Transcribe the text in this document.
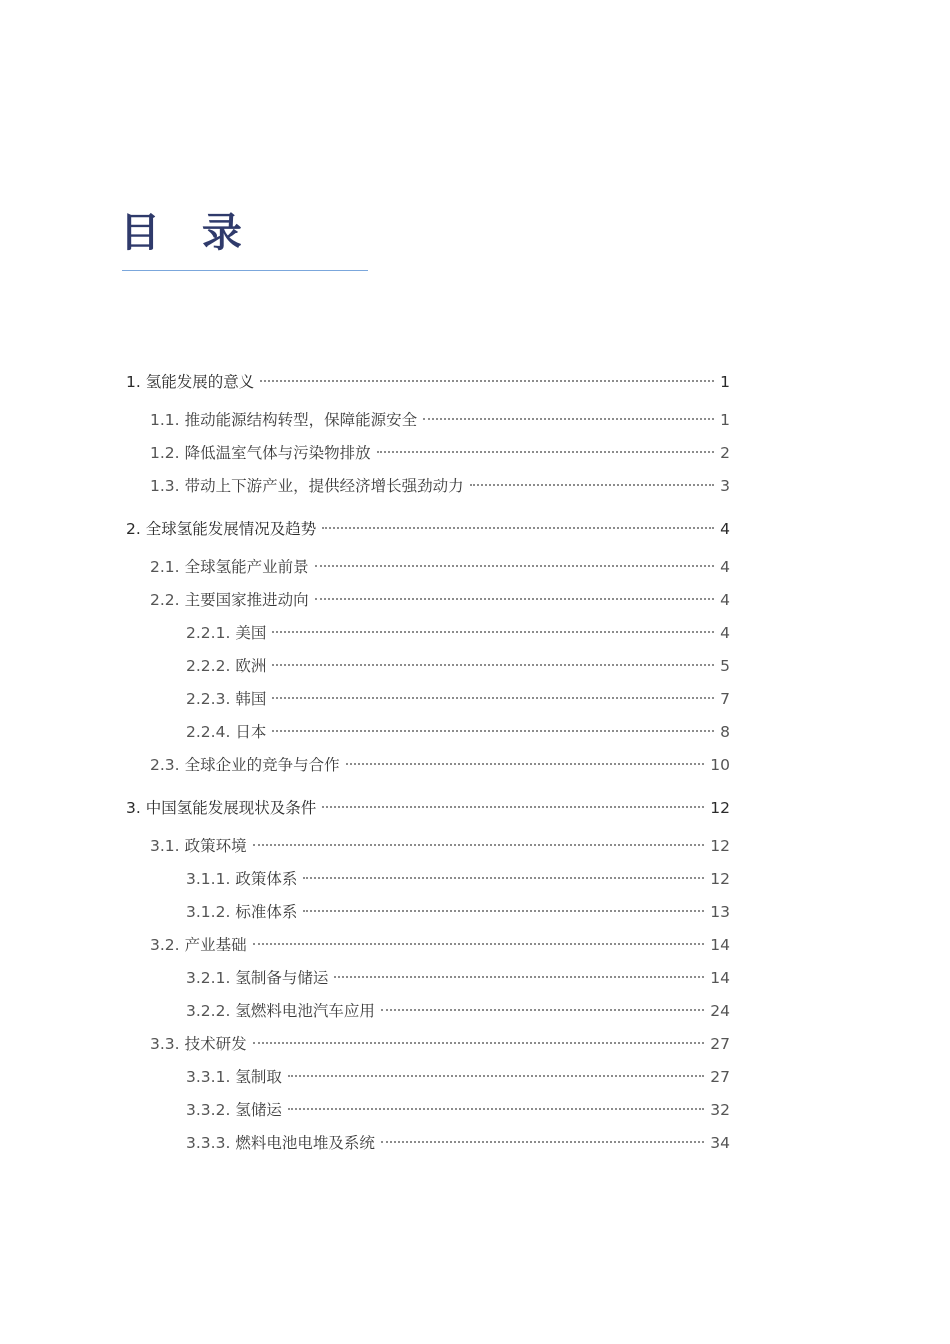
目 录
1. 氢能发展的意义	1
1.1. 推动能源结构转型，保障能源安全	1
1.2. 降低温室气体与污染物排放	2
1.3. 带动上下游产业，提供经济增长强劲动力	3
2. 全球氢能发展情况及趋势	4
2.1. 全球氢能产业前景	4
2.2. 主要国家推进动向	4
2.2.1. 美国	4
2.2.2. 欧洲	5
2.2.3. 韩国	7
2.2.4. 日本	8
2.3. 全球企业的竞争与合作	10
3. 中国氢能发展现状及条件	12
3.1. 政策环境	12
3.1.1. 政策体系	12
3.1.2. 标准体系	13
3.2. 产业基础	14
3.2.1. 氢制备与储运	14
3.2.2. 氢燃料电池汽车应用	24
3.3. 技术研发	27
3.3.1. 氢制取	27
3.3.2. 氢储运	32
3.3.3. 燃料电池电堆及系统	34
